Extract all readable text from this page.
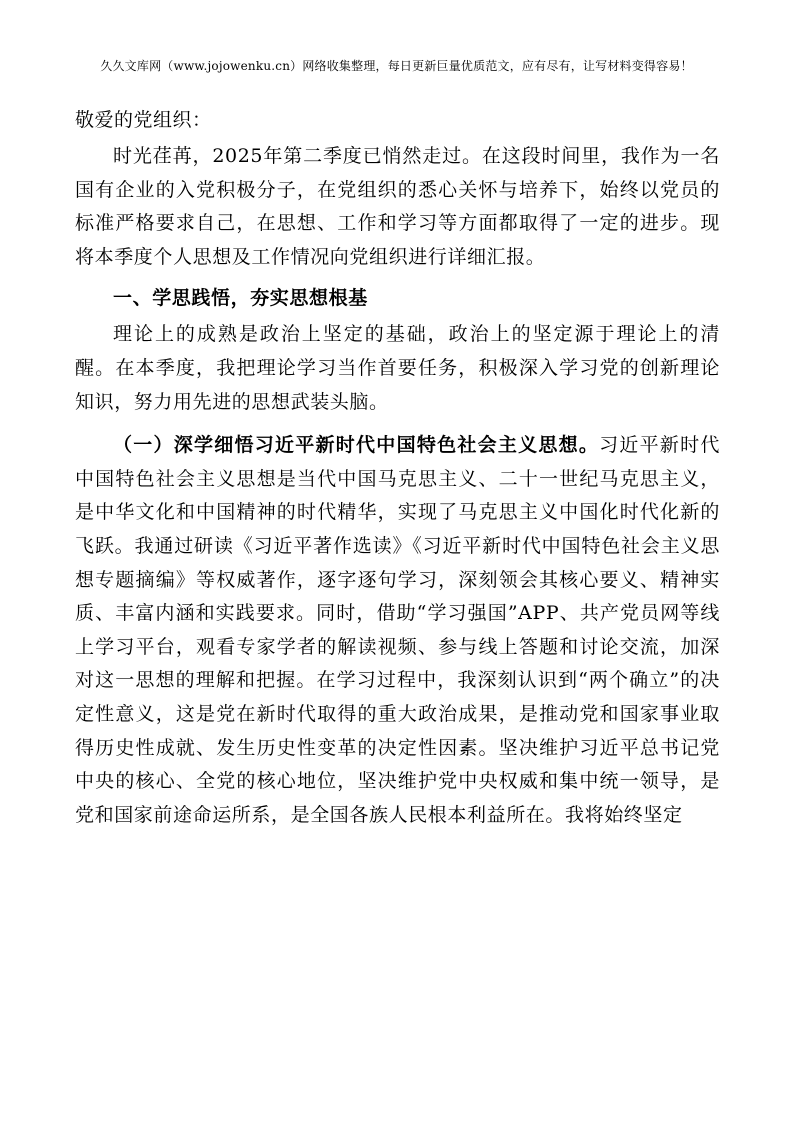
久久文库网（www.jojowenku.cn）网络收集整理，每日更新巨量优质范文，应有尽有，让写材料变得容易！

敬爱的党组织：

时光荏苒，2025年第二季度已悄然走过。在这段时间里，我作为一名国有企业的入党积极分子，在党组织的悉心关怀与培养下，始终以党员的标准严格要求自己，在思想、工作和学习等方面都取得了一定的进步。现将本季度个人思想及工作情况向党组织进行详细汇报。

一、学思践悟，夯实思想根基

理论上的成熟是政治上坚定的基础，政治上的坚定源于理论上的清醒。在本季度，我把理论学习当作首要任务，积极深入学习党的创新理论知识，努力用先进的思想武装头脑。

（一）深学细悟习近平新时代中国特色社会主义思想。习近平新时代中国特色社会主义思想是当代中国马克思主义、二十一世纪马克思主义，是中华文化和中国精神的时代精华，实现了马克思主义中国化时代化新的飞跃。我通过研读《习近平著作选读》《习近平新时代中国特色社会主义思想专题摘编》等权威著作，逐字逐句学习，深刻领会其核心要义、精神实质、丰富内涵和实践要求。同时，借助“学习强国”APP、共产党员网等线上学习平台，观看专家学者的解读视频、参与线上答题和讨论交流，加深对这一思想的理解和把握。在学习过程中，我深刻认识到“两个确立”的决定性意义，这是党在新时代取得的重大政治成果，是推动党和国家事业取得历史性成就、发生历史性变革的决定性因素。坚决维护习近平总书记党中央的核心、全党的核心地位，坚决维护党中央权威和集中统一领导，是党和国家前途命运所系，是全国各族人民根本利益所在。我将始终坚定
